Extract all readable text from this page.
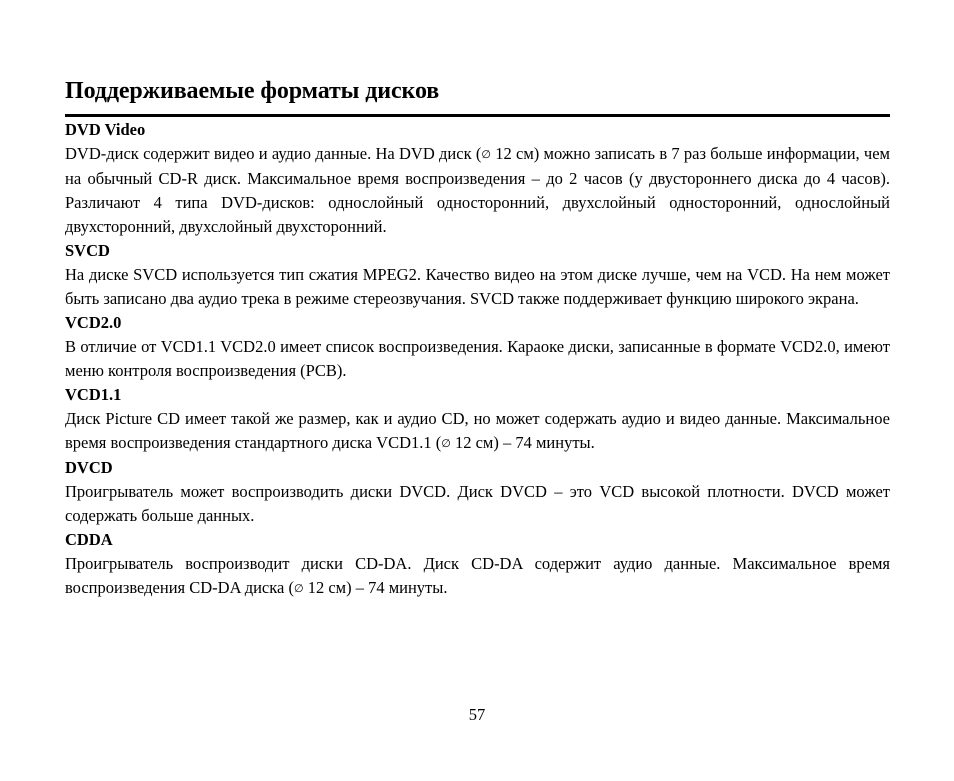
Поддерживаемые форматы дисков

DVD Video

DVD-диск содержит видео и аудио данные. На DVD диск (∅ 12 см) можно записать в 7 раз больше информации, чем на обычный CD-R диск. Максимальное время воспроизведения – до 2 часов (у двустороннего диска до 4 часов). Различают 4 типа DVD-дисков: однослойный односторонний, двухслойный односторонний, однослойный двухсторонний, двухслойный двухсторонний.

SVCD

На диске SVCD используется тип сжатия MPEG2. Качество видео на этом диске лучше, чем на VCD. На нем может быть записано два аудио трека в режиме стереозвучания. SVCD также поддерживает функцию широкого экрана.

VCD2.0

В отличие от VCD1.1 VCD2.0 имеет список воспроизведения. Караоке диски, записанные в формате VCD2.0, имеют меню контроля воспроизведения (PCB).

VCD1.1

Диск Picture CD имеет такой же размер, как и аудио CD, но может содержать аудио и видео данные. Максимальное время воспроизведения стандартного диска VCD1.1 (∅ 12 см) – 74 минуты.

DVCD

Проигрыватель может воспроизводить диски DVCD. Диск DVCD – это VCD высокой плотности. DVCD может содержать больше данных.

CDDA

Проигрыватель воспроизводит диски CD-DA. Диск CD-DA содержит аудио данные. Максимальное время воспроизведения CD-DA диска (∅ 12 см) – 74 минуты.

57
